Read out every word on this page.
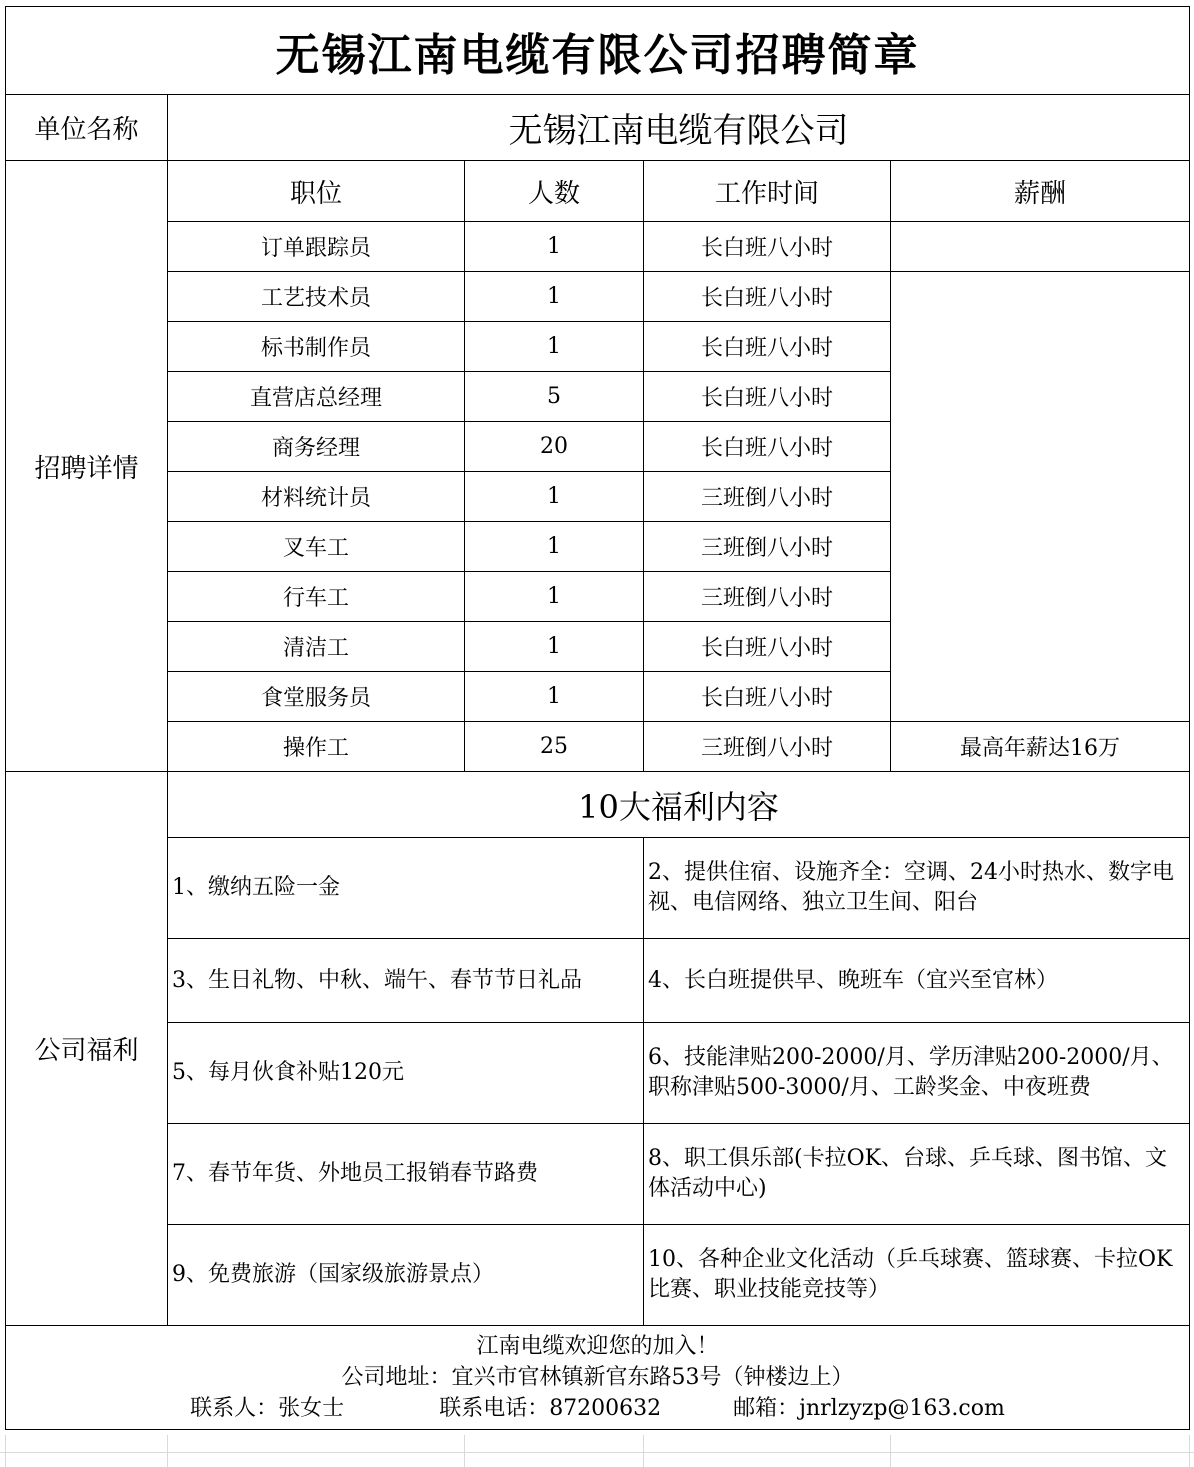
无锡江南电缆有限公司招聘简章				
单位名称	无锡江南电缆有限公司			
招聘详情	职位	人数	工作时间	薪酬
	订单跟踪员	1	长白班八小时	
	工艺技术员	1	长白班八小时	
	标书制作员	1	长白班八小时	
	直营店总经理	5	长白班八小时	
	商务经理	20	长白班八小时	
	材料统计员	1	三班倒八小时	
	叉车工	1	三班倒八小时	
	行车工	1	三班倒八小时	
	清洁工	1	长白班八小时	
	食堂服务员	1	长白班八小时	
	操作工	25	三班倒八小时	最高年薪达16万
公司福利	10大福利内容			
	1、缴纳五险一金		2、提供住宿、设施齐全：空调、24小时热水、数字电视、电信网络、独立卫生间、阳台	
	3、生日礼物、中秋、端午、春节节日礼品		4、长白班提供早、晚班车（宜兴至官林）	
	5、每月伙食补贴120元		6、技能津贴200-2000/月、学历津贴200-2000/月、职称津贴500-3000/月、工龄奖金、中夜班费	
	7、春节年货、外地员工报销春节路费		8、职工俱乐部(卡拉OK、台球、乒乓球、图书馆、文体活动中心)	
	9、免费旅游（国家级旅游景点）		10、各种企业文化活动（乒乓球赛、篮球赛、卡拉OK比赛、职业技能竞技等）	

江南电缆欢迎您的加入！
公司地址：宜兴市官林镇新官东路53号（钟楼边上）
联系人：张女士 联系电话：87200632 邮箱：jnrlzyzp@163.com				
